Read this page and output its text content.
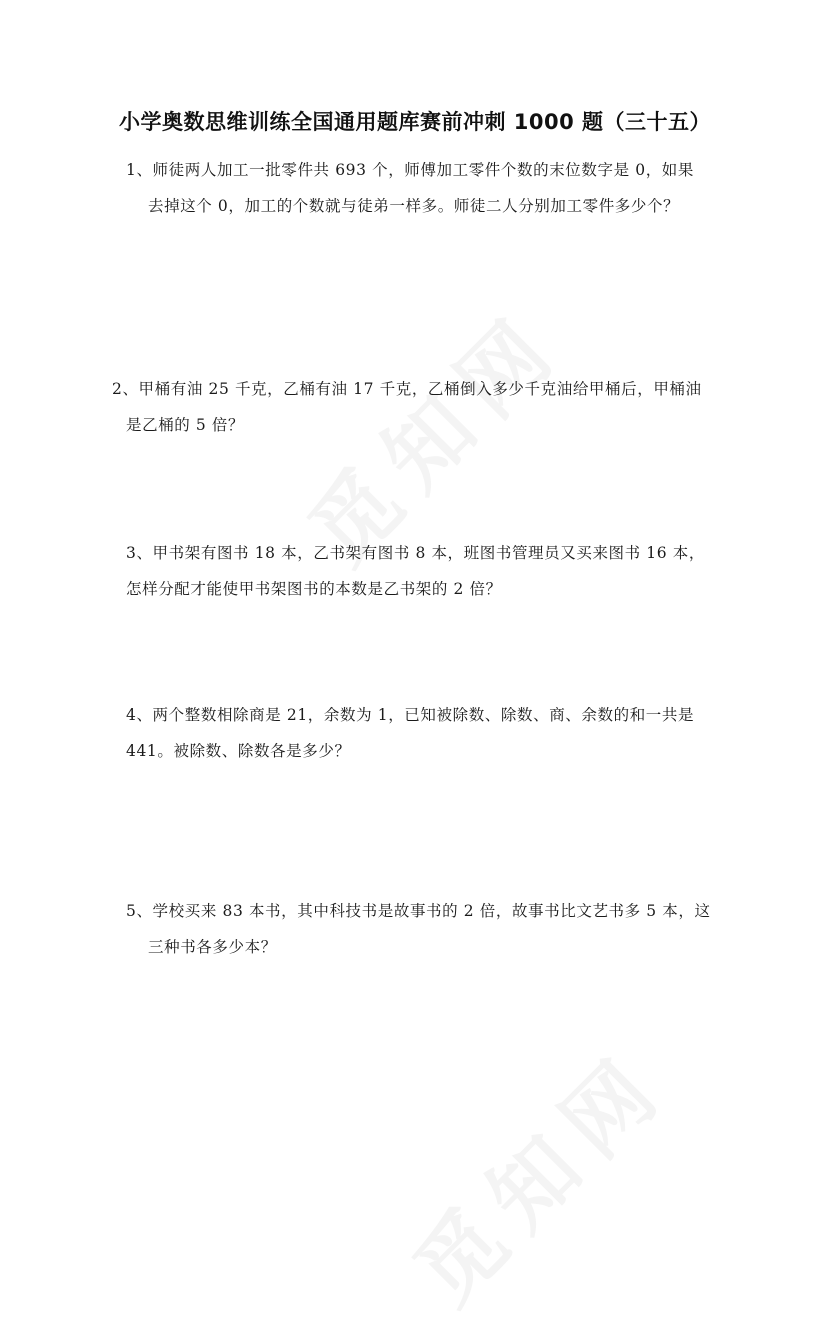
小学奥数思维训练全国通用题库赛前冲刺 1000 题（三十五）
1、师徒两人加工一批零件共 693 个，师傅加工零件个数的末位数字是 0，如果
去掉这个 0，加工的个数就与徒弟一样多。师徒二人分别加工零件多少个？
2、甲桶有油 25 千克，乙桶有油 17 千克，乙桶倒入多少千克油给甲桶后，甲桶油
是乙桶的 5 倍？
3、甲书架有图书 18 本，乙书架有图书 8 本，班图书管理员又买来图书 16 本，
怎样分配才能使甲书架图书的本数是乙书架的 2 倍？
4、两个整数相除商是 21，余数为 1，已知被除数、除数、商、余数的和一共是
441。被除数、除数各是多少？
5、学校买来 83 本书，其中科技书是故事书的 2 倍，故事书比文艺书多 5 本，这
三种书各多少本？
